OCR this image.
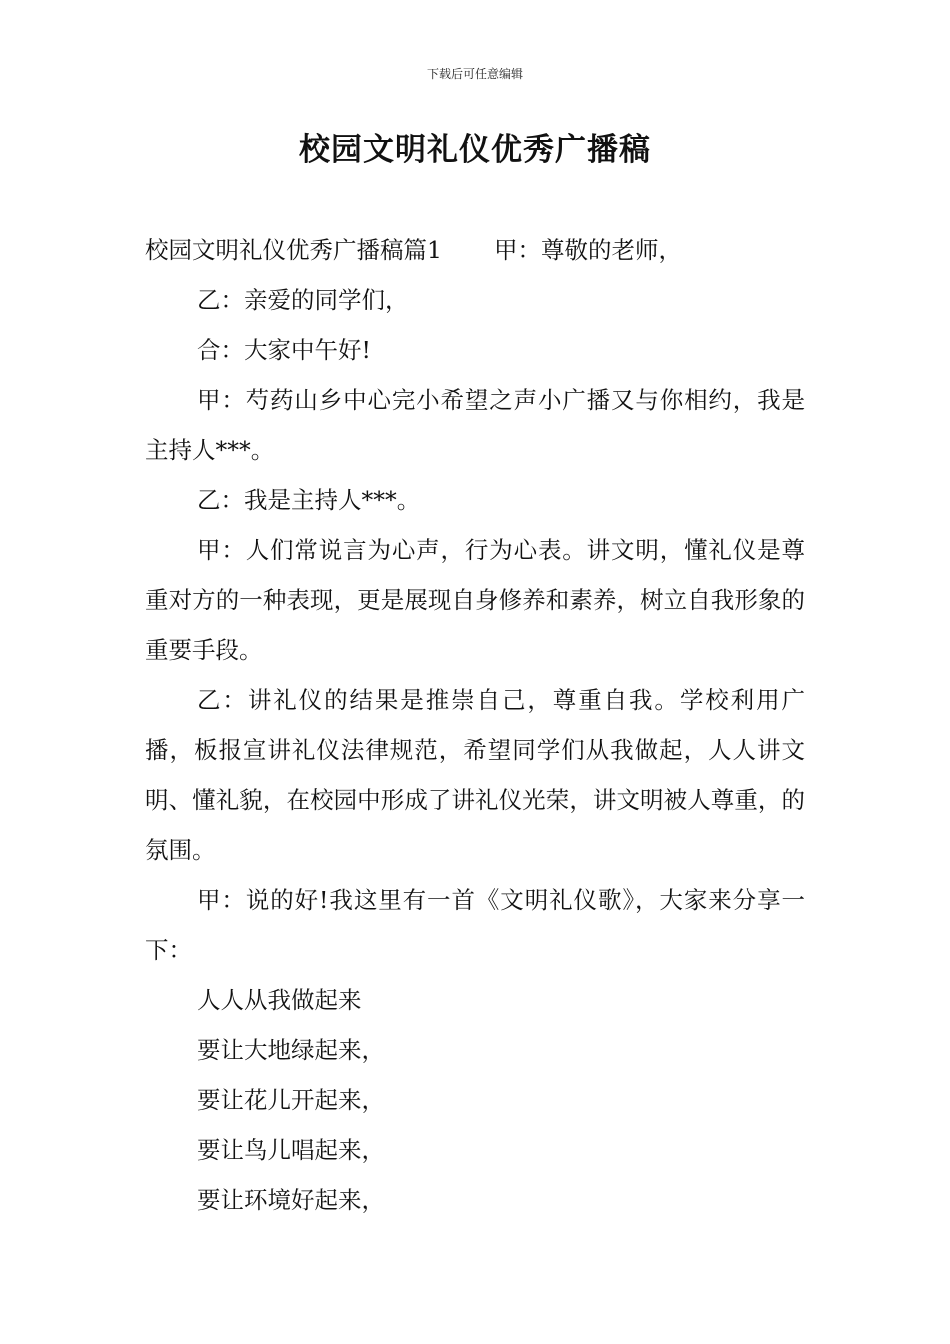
下载后可任意编辑
校园文明礼仪优秀广播稿

校园文明礼仪优秀广播稿篇1 甲：尊敬的老师，

乙：亲爱的同学们，

合：大家中午好!

甲：芍药山乡中心完小希望之声小广播又与你相约，我是主持人***。

乙：我是主持人***。

甲：人们常说言为心声，行为心表。讲文明，懂礼仪是尊重对方的一种表现，更是展现自身修养和素养，树立自我形象的重要手段。

乙：讲礼仪的结果是推崇自己，尊重自我。学校利用广播，板报宣讲礼仪法律规范，希望同学们从我做起，人人讲文明、懂礼貌，在校园中形成了讲礼仪光荣，讲文明被人尊重，的氛围。

甲：说的好!我这里有一首《文明礼仪歌》，大家来分享一下：

人人从我做起来

要让大地绿起来，

要让花儿开起来，

要让鸟儿唱起来，

要让环境好起来，
